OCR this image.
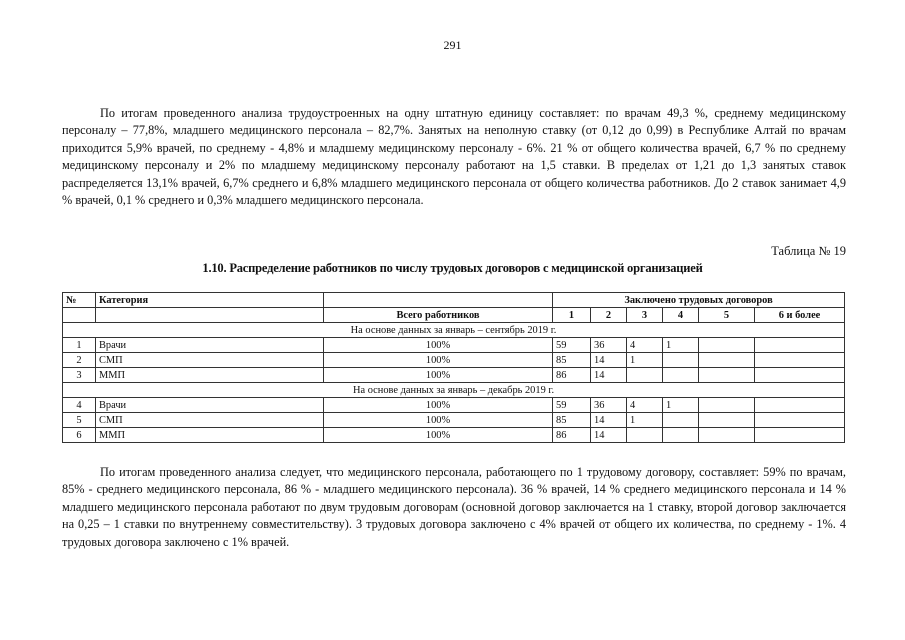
291

По итогам проведенного анализа трудоустроенных на одну штатную единицу составляет: по врачам 49,3 %, среднему медицинскому персоналу – 77,8%, младшего медицинского персонала – 82,7%. Занятых на неполную ставку (от 0,12 до 0,99) в Республике Алтай по врачам приходится 5,9% врачей, по среднему - 4,8% и младшему медицинскому персоналу - 6%. 21 % от общего количества врачей, 6,7 % по среднему медицинскому персоналу и 2% по младшему медицинскому персоналу работают на 1,5 ставки. В пределах от 1,21 до 1,3 занятых ставок распределяется 13,1% врачей, 6,7% среднего и 6,8% младшего медицинского персонала от общего количества работников. До 2 ставок занимает 4,9 % врачей, 0,1 % среднего и 0,3% младшего медицинского персонала.

Таблица № 19
1.10. Распределение работников по числу трудовых договоров с медицинской организацией
№	Категория		Заключено трудовых договоров					
		Всего работников	1	2	3	4	5	6 и более
На основе данных за январь – сентябрь 2019 г.								
1	Врачи	100%	59	36	4	1		
2	СМП	100%	85	14	1			
3	ММП	100%	86	14				
На основе данных за январь – декабрь 2019 г.								
4	Врачи	100%	59	36	4	1		
5	СМП	100%	85	14	1			
6	ММП	100%	86	14				

По итогам проведенного анализа следует, что медицинского персонала, работающего по 1 трудовому договору, составляет: 59% по врачам, 85% - среднего медицинского персонала, 86 % - младшего медицинского персонала). 36 % врачей, 14 % среднего медицинского персонала и 14 % младшего медицинского персонала работают по двум трудовым договорам (основной договор заключается на 1 ставку, второй договор заключается на 0,25 – 1 ставки по внутреннему совместительству). 3 трудовых договора заключено с 4% врачей от общего их количества, по среднему - 1%. 4 трудовых договора заключено с 1% врачей.
